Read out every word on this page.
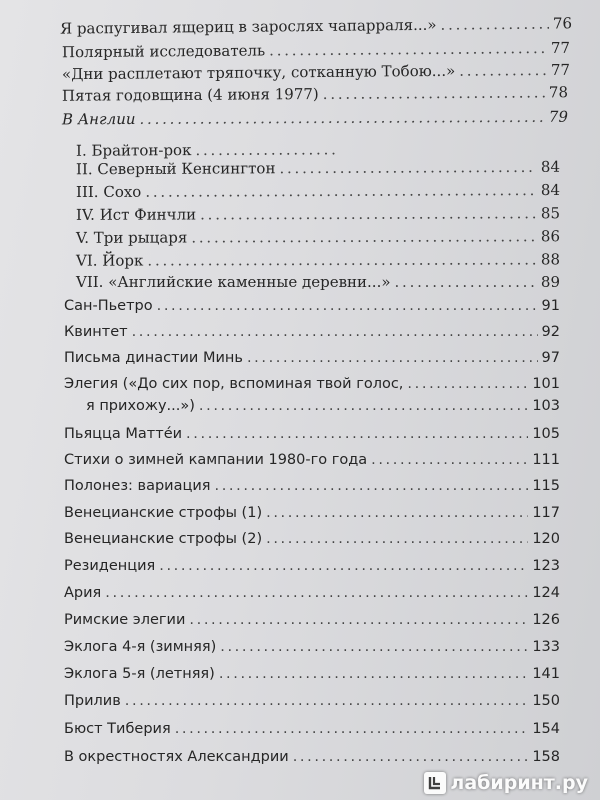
Я распугивал ящериц в зарослях чапарраля...» . . .	76
Полярный исследователь . . .	77
«Дни расплетают тряпочку, сотканную Тобою...» . . .	77
Пятая годовщина (4 июня 1977) . . .	78
В Англии . . .	79
I. Брайтон-рок
. . .
II. Северный Кенсингтон . . .	84
III. Сохо . . .	84
IV. Ист Финчли . . .	85
V. Три рыцаря . . .	86
VI. Йорк . . .	88
VII. «Английские каменные деревни...» . . .	89
Сан-Пьетро . . .	91
Квинтет . . .	92
Письма династии Минь . . .	97
Элегия («До сих пор, вспоминая твой голос, . . .	101
я прихожу...») . . .	103
Пьяцца Маттéи . . .	105
Стихи о зимней кампании 1980-го года . . .	111
Полонез: вариация . . .	115
Венецианские строфы (1) . . .	117
Венецианские строфы (2) . . .	120
Резиденция . . .	123
Ария . . .	124
Римские элегии . . .	126
Эклога 4-я (зимняя) . . .	133
Эклога 5-я (летняя) . . .	141
Прилив . . .	150
Бюст Тиберия . . .	154
В окрестностях Александрии . . .	158
лабиринт.ру
